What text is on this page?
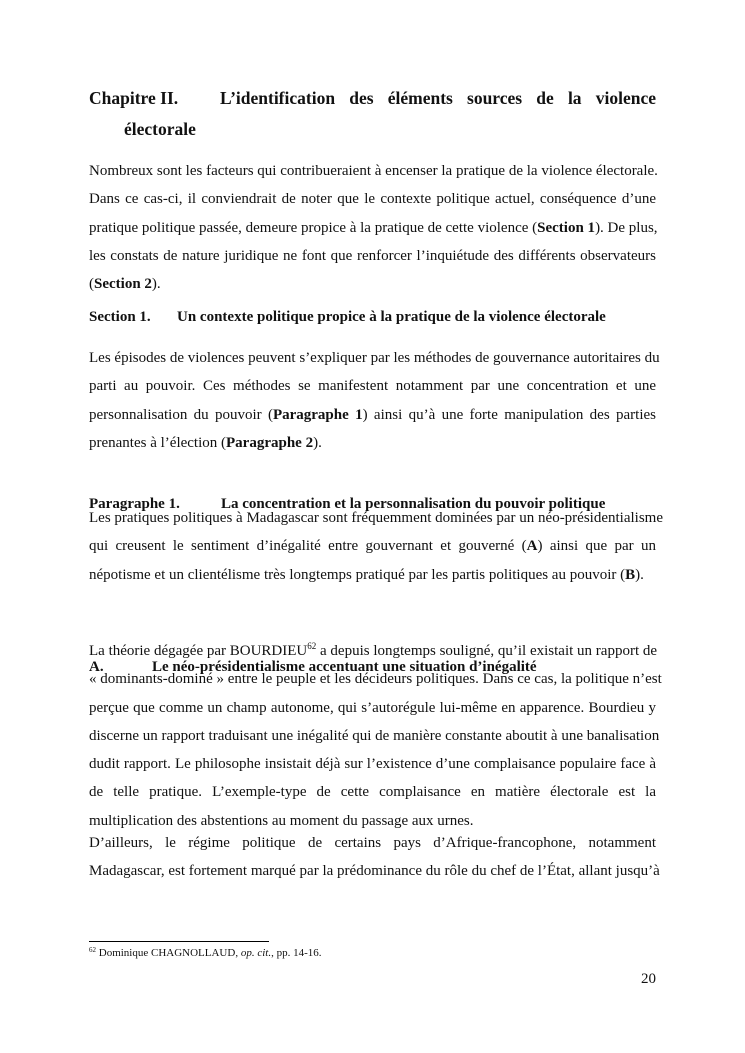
Chapitre II. L’identification des éléments sources de la violence
électorale
Nombreux sont les facteurs qui contribueraient à encenser la pratique de la violence électorale.
Dans ce cas-ci, il conviendrait de noter que le contexte politique actuel, conséquence d’une
pratique politique passée, demeure propice à la pratique de cette violence (Section 1). De plus,
les constats de nature juridique ne font que renforcer l’inquiétude des différents observateurs
(Section 2).
Section 1. Un contexte politique propice à la pratique de la violence électorale
Les épisodes de violences peuvent s’expliquer par les méthodes de gouvernance autoritaires du
parti au pouvoir. Ces méthodes se manifestent notamment par une concentration et une
personnalisation du pouvoir (Paragraphe 1) ainsi qu’à une forte manipulation des parties
prenantes à l’élection (Paragraphe 2).
Paragraphe 1.	La concentration et la personnalisation du pouvoir politique
Les pratiques politiques à Madagascar sont fréquemment dominées par un néo-présidentialisme
qui creusent le sentiment d’inégalité entre gouvernant et gouverné (A) ainsi que par un
népotisme et un clientélisme très longtemps pratiqué par les partis politiques au pouvoir (B).
A.	Le néo-présidentialisme accentuant une situation d’inégalité
La théorie dégagée par BOURDIEU$^{62}$ a depuis longtemps souligné, qu’il existait un rapport de
« dominants-dominé » entre le peuple et les décideurs politiques. Dans ce cas, la politique n’est
perçue que comme un champ autonome, qui s’autorégule lui-même en apparence. Bourdieu y
discerne un rapport traduisant une inégalité qui de manière constante aboutit à une banalisation
dudit rapport. Le philosophe insistait déjà sur l’existence d’une complaisance populaire face à
de telle pratique. L’exemple-type de cette complaisance en matière électorale est la
multiplication des abstentions au moment du passage aux urnes.
D’ailleurs, le régime politique de certains pays d’Afrique-francophone, notamment
Madagascar, est fortement marqué par la prédominance du rôle du chef de l’État, allant jusqu’à
$^{62}$ Dominique CHAGNOLLAUD, op. cit., pp. 14-16.
20
